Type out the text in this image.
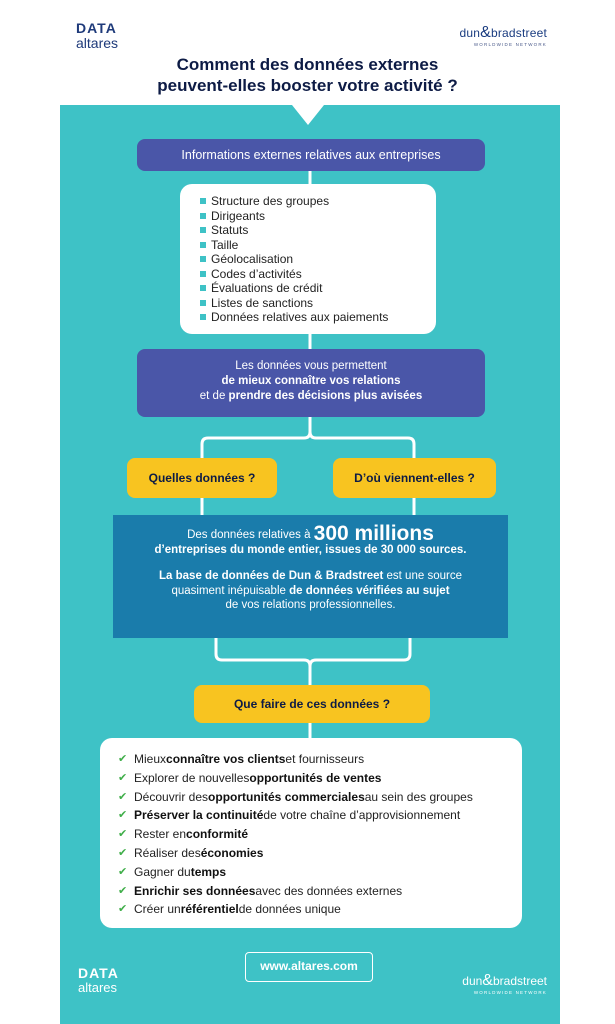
DATA
altares
dun&bradstreet
WORLDWIDE NETWORK
Comment des données externes
peuvent-elles booster votre activité ?
Informations externes relatives aux entreprises
Structure des groupes
Dirigeants
Statuts
Taille
Géolocalisation
Codes d’activités
Évaluations de crédit
Listes de sanctions
Données relatives aux paiements
Les données vous permettent
de mieux connaître vos relations
et de prendre des décisions plus avisées
Quelles données ?	D’où viennent-elles ?
Des données relatives à 300 millions
d’entreprises du monde entier, issues de 30 000 sources.
La base de données de Dun & Bradstreet est une source
quasiment inépuisable de données vérifiées au sujet
de vos relations professionnelles.
Que faire de ces données ?
✔ Mieux connaître vos clients et fournisseurs
✔ Explorer de nouvelles opportunités de ventes
✔ Découvrir des opportunités commerciales au sein des groupes
✔ Préserver la continuité de votre chaîne d’approvisionnement
✔ Rester en conformité
✔ Réaliser des économies
✔ Gagner du temps
✔ Enrichir ses données avec des données externes
✔ Créer un référentiel de données unique
www.altares.com
DATA
altares	dun&bradstreet
WORLDWIDE NETWORK
